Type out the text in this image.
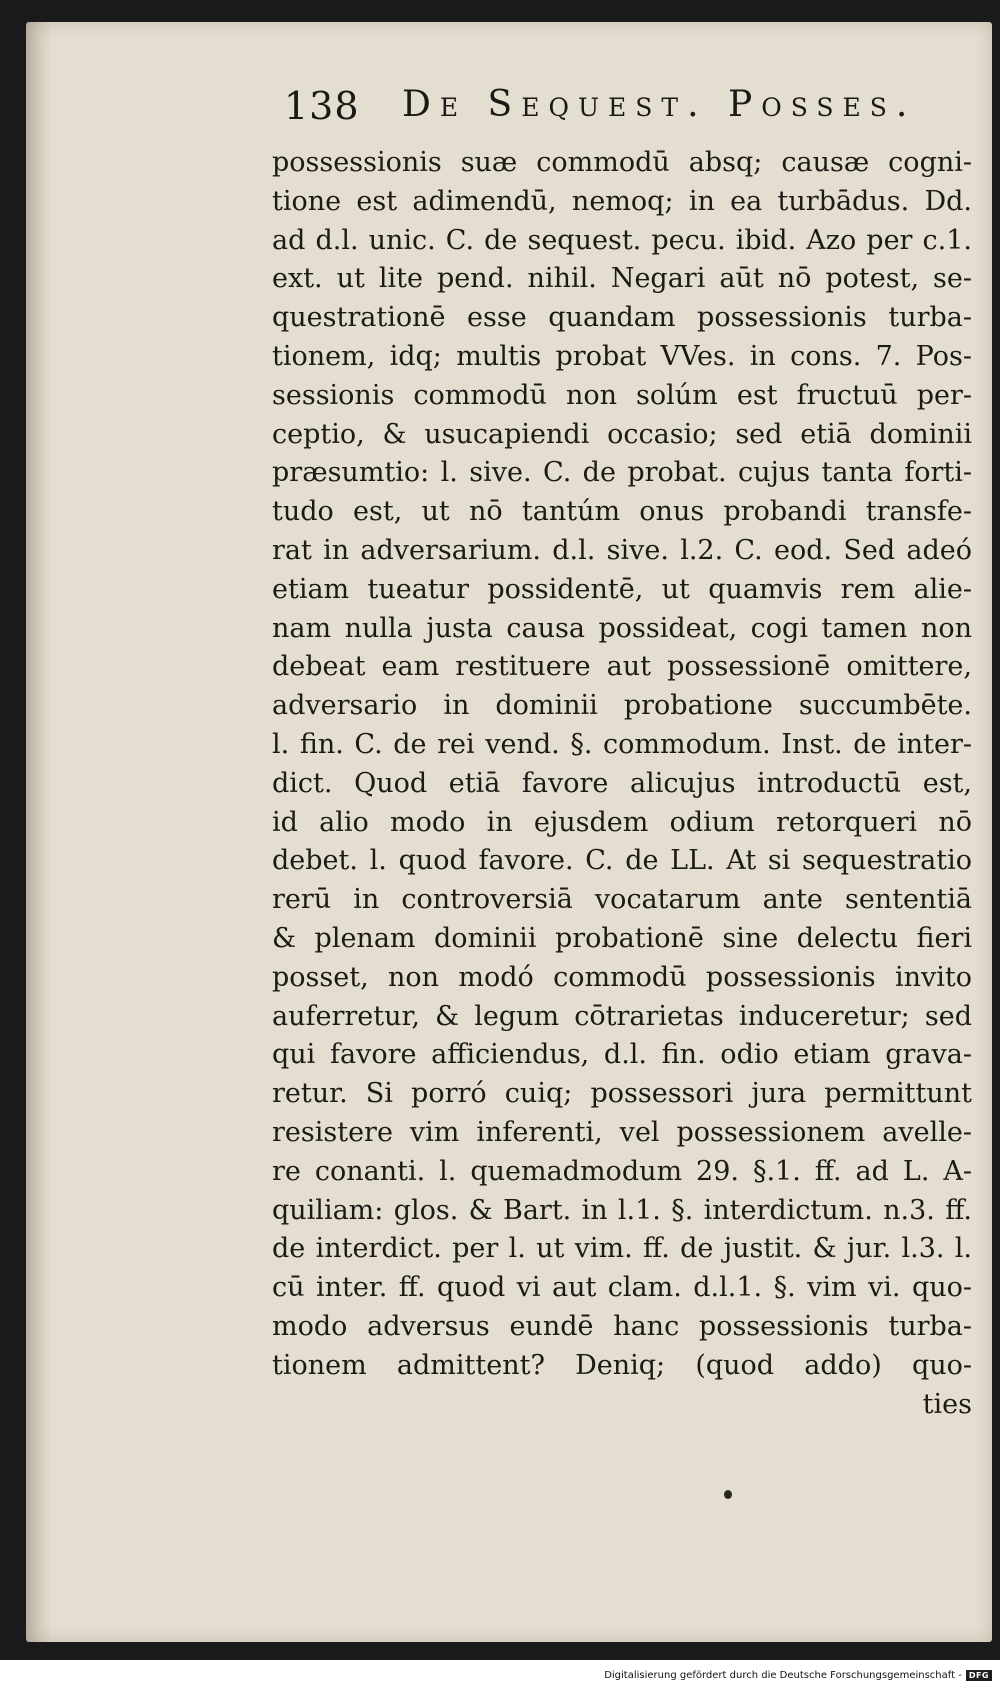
138 De Sequest. Posses.
possessionis suæ commodū absq; causæ cogni-
tione est adimendū, nemoq; in ea turbādus. Dd.
ad d.l. unic. C. de sequest. pecu. ibid. Azo per c.1.
ext. ut lite pend. nihil. Negari aūt nō potest, se-
questrationē esse quandam possessionis turba-
tionem, idq; multis probat VVes. in cons. 7. Pos-
sessionis commodū non solúm est fructuū per-
ceptio, & usucapiendi occasio; sed etiā dominii
præsumtio: l. sive. C. de probat. cujus tanta forti-
tudo est, ut nō tantúm onus probandi transfe-
rat in adversarium. d.l. sive. l.2. C. eod. Sed adeó
etiam tueatur possidentē, ut quamvis rem alie-
nam nulla justa causa possideat, cogi tamen non
debeat eam restituere aut possessionē omittere,
adversario in dominii probatione succumbēte.
l. fin. C. de rei vend. §. commodum. Inst. de inter-
dict. Quod etiā favore alicujus introductū est,
id alio modo in ejusdem odium retorqueri nō
debet. l. quod favore. C. de LL. At si sequestratio
rerū in controversiā vocatarum ante sententiā
& plenam dominii probationē sine delectu fieri
posset, non modó commodū possessionis invito
auferretur, & legum cōtrarietas induceretur; sed
qui favore afficiendus, d.l. fin. odio etiam grava-
retur. Si porró cuiq; possessori jura permittunt
resistere vim inferenti, vel possessionem avelle-
re conanti. l. quemadmodum 29. §.1. ff. ad L. A-
quiliam: glos. & Bart. in l.1. §. interdictum. n.3. ff.
de interdict. per l. ut vim. ff. de justit. & jur. l.3. l.
cū inter. ff. quod vi aut clam. d.l.1. §. vim vi. quo-
modo adversus eundē hanc possessionis turba-
tionem admittent? Deniq; (quod addo) quo-
ties
Digitalisierung gefördert durch die Deutsche Forschungsgemeinschaft - DFG
